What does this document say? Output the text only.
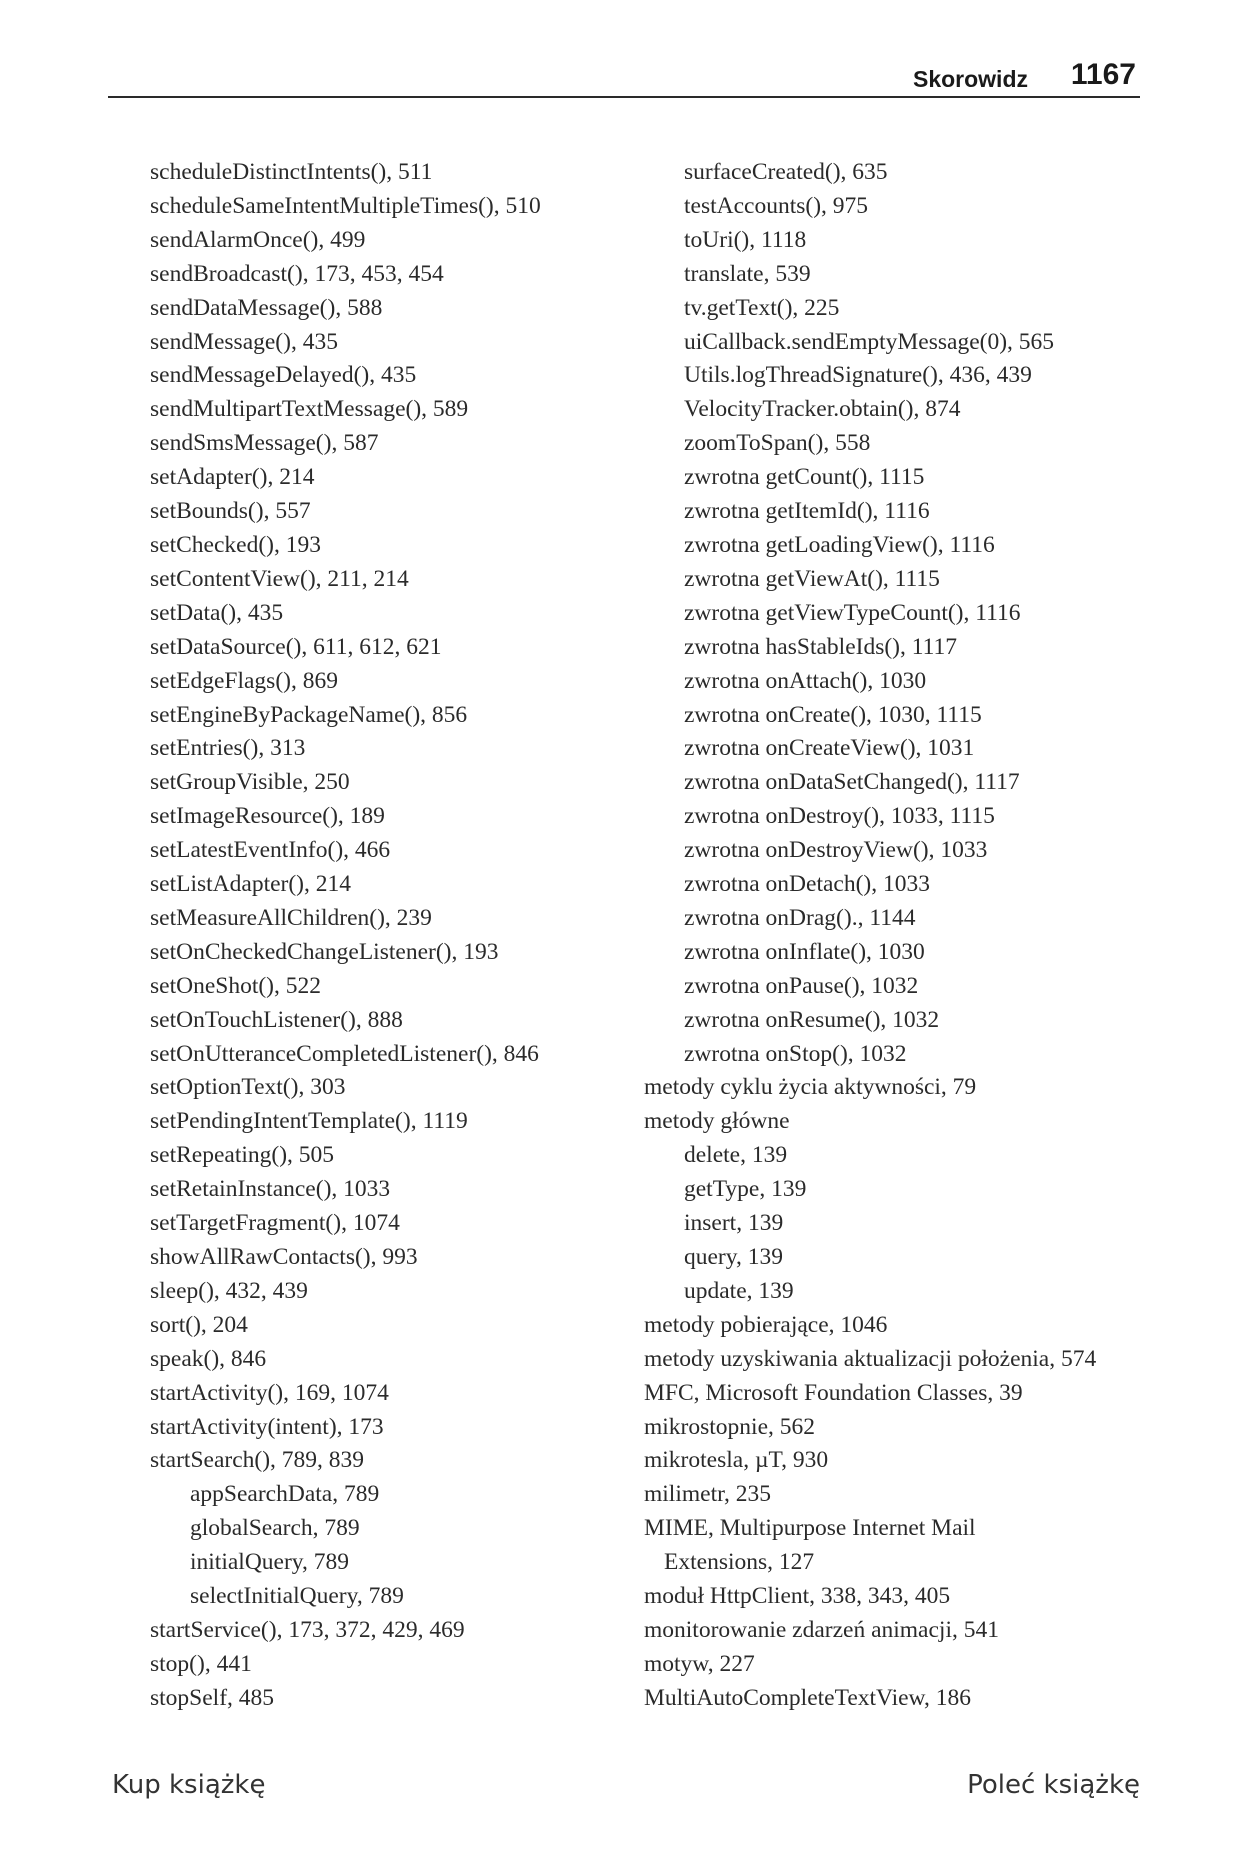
Skorowidz 1167
scheduleDistinctIntents(), 511
scheduleSameIntentMultipleTimes(), 510
sendAlarmOnce(), 499
sendBroadcast(), 173, 453, 454
sendDataMessage(), 588
sendMessage(), 435
sendMessageDelayed(), 435
sendMultipartTextMessage(), 589
sendSmsMessage(), 587
setAdapter(), 214
setBounds(), 557
setChecked(), 193
setContentView(), 211, 214
setData(), 435
setDataSource(), 611, 612, 621
setEdgeFlags(), 869
setEngineByPackageName(), 856
setEntries(), 313
setGroupVisible, 250
setImageResource(), 189
setLatestEventInfo(), 466
setListAdapter(), 214
setMeasureAllChildren(), 239
setOnCheckedChangeListener(), 193
setOneShot(), 522
setOnTouchListener(), 888
setOnUtteranceCompletedListener(), 846
setOptionText(), 303
setPendingIntentTemplate(), 1119
setRepeating(), 505
setRetainInstance(), 1033
setTargetFragment(), 1074
showAllRawContacts(), 993
sleep(), 432, 439
sort(), 204
speak(), 846
startActivity(), 169, 1074
startActivity(intent), 173
startSearch(), 789, 839
appSearchData, 789
globalSearch, 789
initialQuery, 789
selectInitialQuery, 789
startService(), 173, 372, 429, 469
stop(), 441
stopSelf, 485
surfaceCreated(), 635
testAccounts(), 975
toUri(), 1118
translate, 539
tv.getText(), 225
uiCallback.sendEmptyMessage(0), 565
Utils.logThreadSignature(), 436, 439
VelocityTracker.obtain(), 874
zoomToSpan(), 558
zwrotna getCount(), 1115
zwrotna getItemId(), 1116
zwrotna getLoadingView(), 1116
zwrotna getViewAt(), 1115
zwrotna getViewTypeCount(), 1116
zwrotna hasStableIds(), 1117
zwrotna onAttach(), 1030
zwrotna onCreate(), 1030, 1115
zwrotna onCreateView(), 1031
zwrotna onDataSetChanged(), 1117
zwrotna onDestroy(), 1033, 1115
zwrotna onDestroyView(), 1033
zwrotna onDetach(), 1033
zwrotna onDrag()., 1144
zwrotna onInflate(), 1030
zwrotna onPause(), 1032
zwrotna onResume(), 1032
zwrotna onStop(), 1032
metody cyklu życia aktywności, 79
metody główne
delete, 139
getType, 139
insert, 139
query, 139
update, 139
metody pobierające, 1046
metody uzyskiwania aktualizacji położenia, 574
MFC, Microsoft Foundation Classes, 39
mikrostopnie, 562
mikrotesla, µT, 930
milimetr, 235
MIME, Multipurpose Internet Mail
Extensions, 127
moduł HttpClient, 338, 343, 405
monitorowanie zdarzeń animacji, 541
motyw, 227
MultiAutoCompleteTextView, 186
Kup książkę	Poleć książkę
